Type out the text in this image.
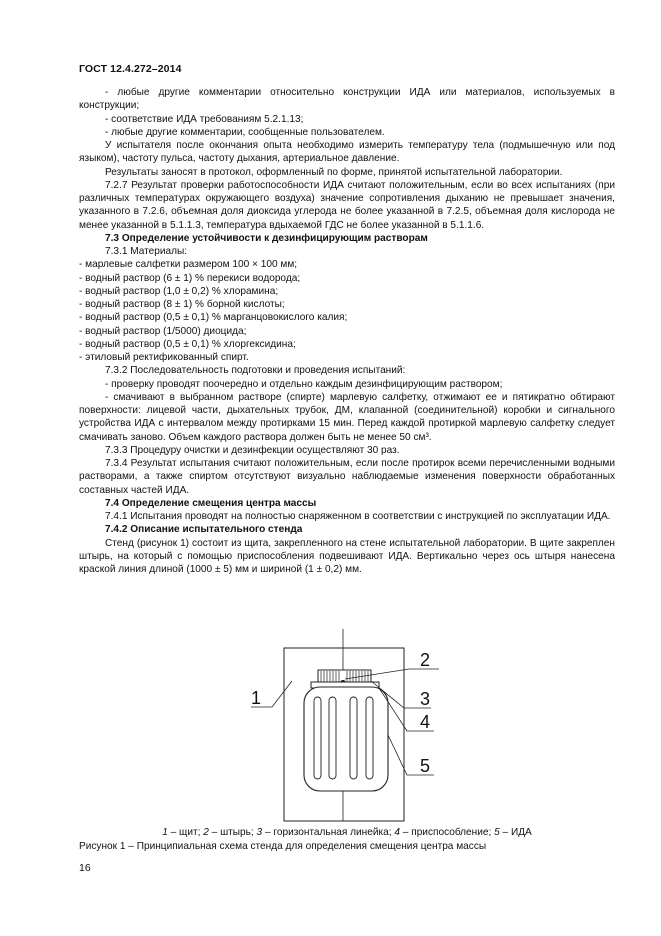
ГОСТ 12.4.272–2014

- любые другие комментарии относительно конструкции ИДА или материалов, используемых в конструкции;

- соответствие ИДА требованиям 5.2.1.13;

- любые другие комментарии, сообщенные пользователем.

У испытателя после окончания опыта необходимо измерить температуру тела (подмышечную или под языком), частоту пульса, частоту дыхания, артериальное давление.

Результаты заносят в протокол, оформленный по форме, принятой испытательной лаборатории.

7.2.7 Результат проверки работоспособности ИДА считают положительным, если во всех испытаниях (при различных температурах окружающего воздуха) значение сопротивления дыханию не превышает значения, указанного в 7.2.6, объемная доля диоксида углерода не более указанной в 7.2.5, объемная доля кислорода не менее указанной в 5.1.1.3, температура вдыхаемой ГДС не более указанной в 5.1.1.6.

7.3 Определение устойчивости к дезинфицирующим растворам

7.3.1 Материалы:

- марлевые салфетки размером 100 × 100 мм;

- водный раствор (6 ± 1) % перекиси водорода;

- водный раствор (1,0 ± 0,2) % хлорамина;

- водный раствор (8 ± 1) % борной кислоты;

- водный раствор (0,5 ± 0,1) % марганцовокислого калия;

- водный раствор (1/5000) диоцида;

- водный раствор (0,5 ± 0,1) % хлоргексидина;

- этиловый ректификованный спирт.

7.3.2 Последовательность подготовки и проведения испытаний:

- проверку проводят поочередно и отдельно каждым дезинфицирующим раствором;

- смачивают в выбранном растворе (спирте) марлевую салфетку, отжимают ее и пятикратно обтирают поверхности: лицевой части, дыхательных трубок, ДМ, клапанной (соединительной) коробки и сигнального устройства ИДА с интервалом между протирками 15 мин. Перед каждой протиркой марлевую салфетку следует смачивать заново. Объем каждого раствора должен быть не менее 50 см³.

7.3.3 Процедуру очистки и дезинфекции осуществляют 30 раз.

7.3.4 Результат испытания считают положительным, если после протирок всеми перечисленными водными растворами, а также спиртом отсутствуют визуально наблюдаемые изменения поверхности обработанных составных частей ИДА.

7.4 Определение смещения центра массы

7.4.1 Испытания проводят на полностью снаряженном в соответствии с инструкцией по эксплуатации ИДА.

7.4.2 Описание испытательного стенда

Стенд (рисунок 1) состоит из щита, закрепленного на стене испытательной лаборатории. В щите закреплен штырь, на который с помощью приспособления подвешивают ИДА. Вертикально через ось штыря нанесена краской линия длиной (1000 ± 5) мм и шириной (1 ± 0,2) мм.

1
2
3
4
5
1 – щит; 2 – штырь; 3 – горизонтальная линейка; 4 – приспособление; 5 – ИДА
Рисунок 1 – Принципиальная схема стенда для определения смещения центра массы
16
